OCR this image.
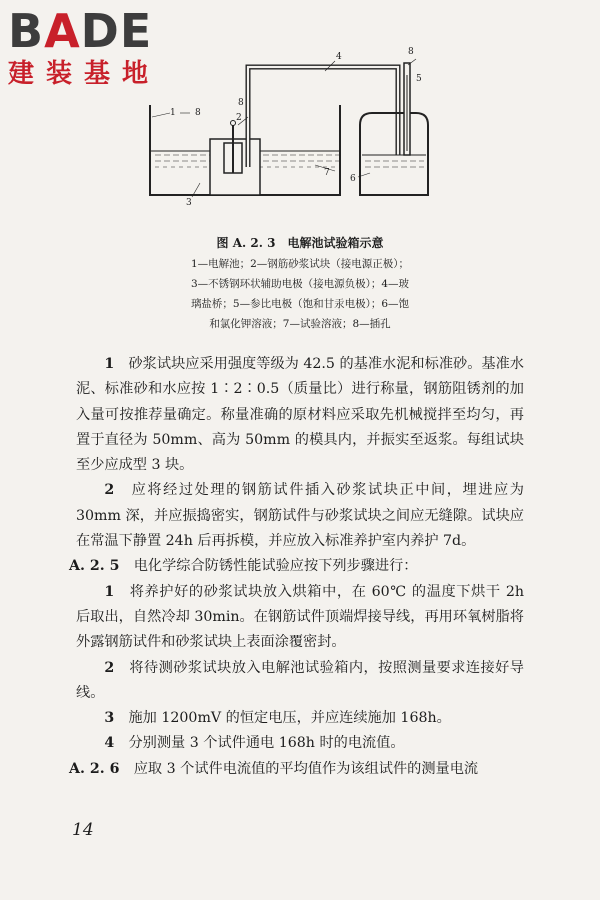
BADE
建装基地
1 8	2
8
3
4
5
8
6
7
图 A. 2. 3　电解池试验箱示意
1—电解池；2—钢筋砂浆试块（接电源正极）；
3—不锈钢环状辅助电极（接电源负极）；4—玻
璃盐桥；5—参比电极（饱和甘汞电极）；6—饱
和氯化钾溶液；7—试验溶液；8—插孔

1　 砂浆试块应采用强度等级为 42.5 的基准水泥和标准砂。基准水泥、标准砂和水应按 1∶2∶0.5（质量比）进行称量，钢筋阻锈剂的加入量可按推荐量确定。称量准确的原材料应采取先机械搅拌至均匀，再置于直径为 50mm、高为 50mm 的模具内，并振实至返浆。每组试块至少应成型 3 块。

2　 应将经过处理的钢筋试件插入砂浆试块正中间，埋进应为 30mm 深，并应振捣密实，钢筋试件与砂浆试块之间应无缝隙。试块应在常温下静置 24h 后再拆模，并应放入标准养护室内养护 7d。

A. 2. 5　 电化学综合防锈性能试验应按下列步骤进行：

1　 将养护好的砂浆试块放入烘箱中，在 60℃ 的温度下烘干 2h 后取出，自然冷却 30min。在钢筋试件顶端焊接导线，再用环氧树脂将外露钢筋试件和砂浆试块上表面涂覆密封。

2　 将待测砂浆试块放入电解池试验箱内，按照测量要求连接好导线。

3　 施加 1200mV 的恒定电压，并应连续施加 168h。

4　 分别测量 3 个试件通电 168h 时的电流值。

A. 2. 6　 应取 3 个试件电流值的平均值作为该组试件的测量电流

14
